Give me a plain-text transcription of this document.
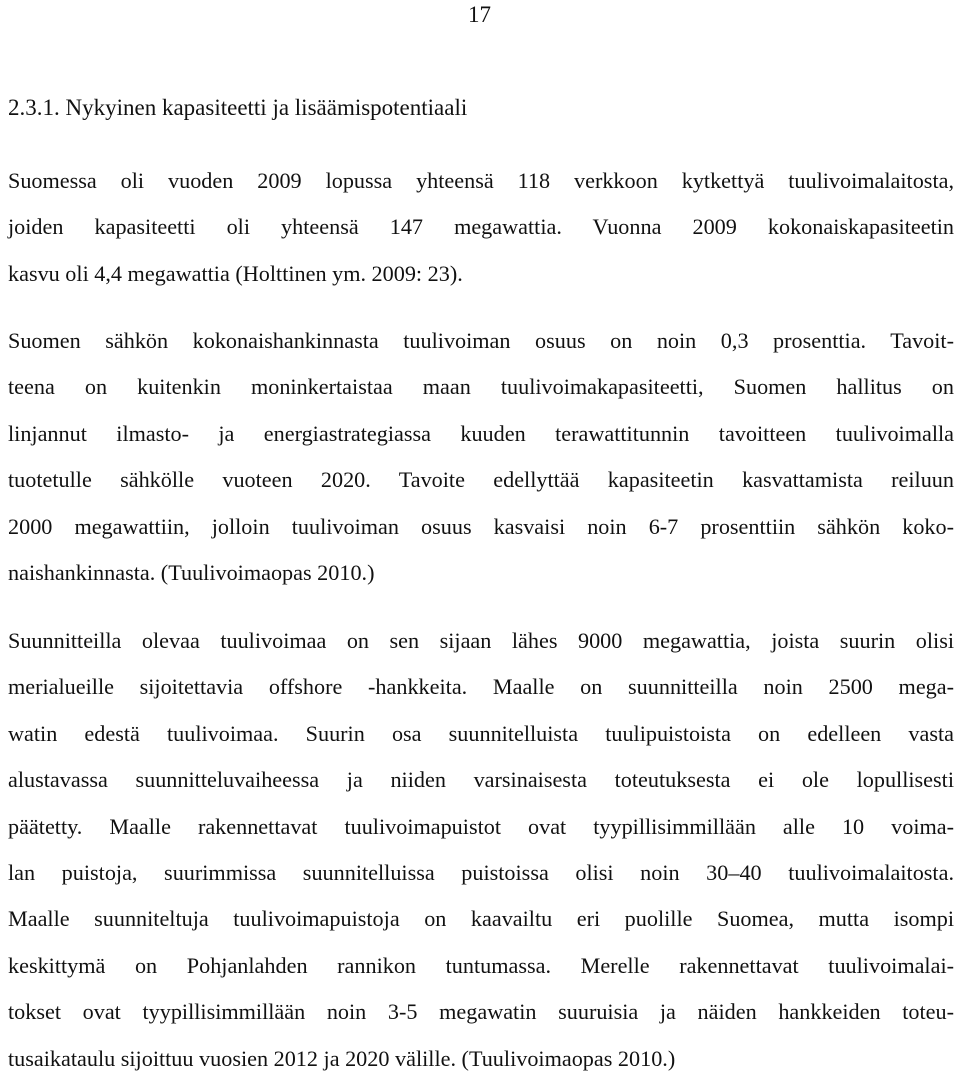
17
2.3.1. Nykyinen kapasiteetti ja lisäämispotentiaali
Suomessa oli vuoden 2009 lopussa yhteensä 118 verkkoon kytkettyä tuulivoimalaitosta,
joiden kapasiteetti oli yhteensä 147 megawattia. Vuonna 2009 kokonaiskapasiteetin
kasvu oli 4,4 megawattia (Holttinen ym. 2009: 23).
Suomen sähkön kokonaishankinnasta tuulivoiman osuus on noin 0,3 prosenttia. Tavoit-
teena on kuitenkin moninkertaistaa maan tuulivoimakapasiteetti, Suomen hallitus on
linjannut ilmasto- ja energiastrategiassa kuuden terawattitunnin tavoitteen tuulivoimalla
tuotetulle sähkölle vuoteen 2020. Tavoite edellyttää kapasiteetin kasvattamista reiluun
2000 megawattiin, jolloin tuulivoiman osuus kasvaisi noin 6-7 prosenttiin sähkön koko-
naishankinnasta. (Tuulivoimaopas 2010.)
Suunnitteilla olevaa tuulivoimaa on sen sijaan lähes 9000 megawattia, joista suurin olisi
merialueille sijoitettavia offshore -hankkeita. Maalle on suunnitteilla noin 2500 mega-
watin edestä tuulivoimaa. Suurin osa suunnitelluista tuulipuistoista on edelleen vasta
alustavassa suunnitteluvaiheessa ja niiden varsinaisesta toteutuksesta ei ole lopullisesti
päätetty. Maalle rakennettavat tuulivoimapuistot ovat tyypillisimmillään alle 10 voima-
lan puistoja, suurimmissa suunnitelluissa puistoissa olisi noin 30–40 tuulivoimalaitosta.
Maalle suunniteltuja tuulivoimapuistoja on kaavailtu eri puolille Suomea, mutta isompi
keskittymä on Pohjanlahden rannikon tuntumassa. Merelle rakennettavat tuulivoimalai-
tokset ovat tyypillisimmillään noin 3-5 megawatin suuruisia ja näiden hankkeiden toteu-
tusaikataulu sijoittuu vuosien 2012 ja 2020 välille. (Tuulivoimaopas 2010.)
